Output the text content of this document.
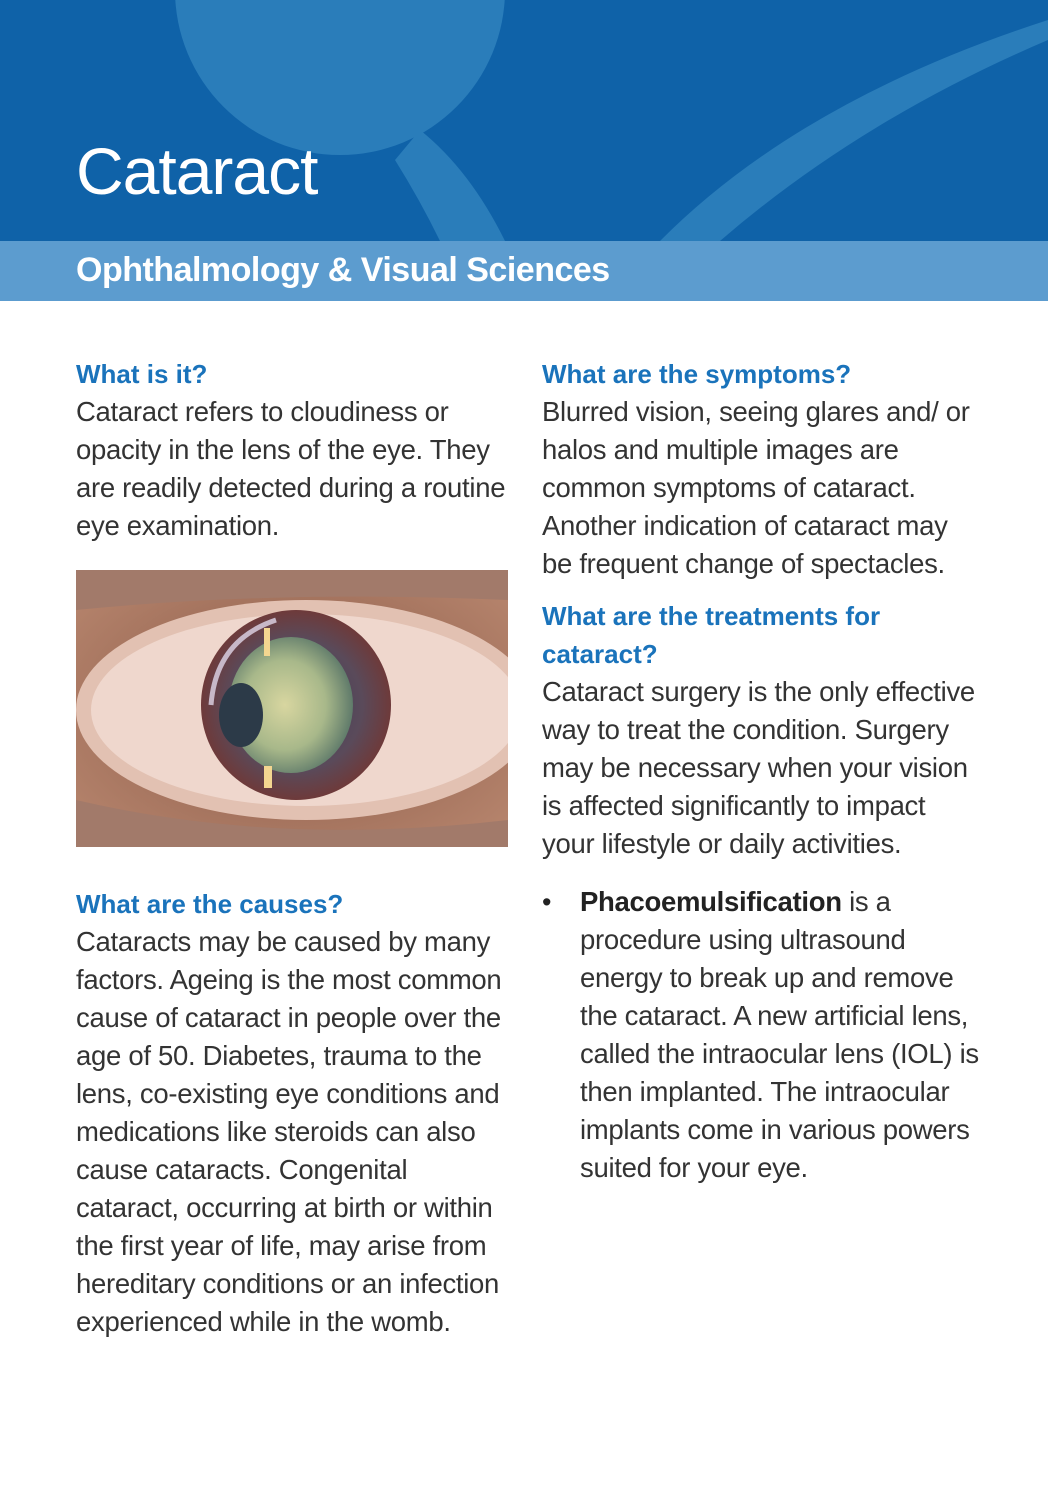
Cataract
Ophthalmology & Visual Sciences
What is it?

Cataract refers to cloudiness or opacity in the lens of the eye. They are readily detected during a routine eye examination.

What are the causes?

Cataracts may be caused by many factors. Ageing is the most common cause of cataract in people over the age of 50. Diabetes, trauma to the lens, co-existing eye conditions and medications like steroids can also cause cataracts. Congenital cataract, occurring at birth or within the first year of life, may arise from hereditary conditions or an infection experienced while in the womb.

What are the symptoms?

Blurred vision, seeing glares and/ or halos and multiple images are common symptoms of cataract. Another indication of cataract may be frequent change of spectacles.

What are the treatments for cataract?

Cataract surgery is the only effective way to treat the condition. Surgery may be necessary when your vision is affected significantly to impact your lifestyle or daily activities.

• Phacoemulsification is a procedure using ultrasound energy to break up and remove the cataract. A new artificial lens, called the intraocular lens (IOL) is then implanted. The intraocular implants come in various powers suited for your eye.
